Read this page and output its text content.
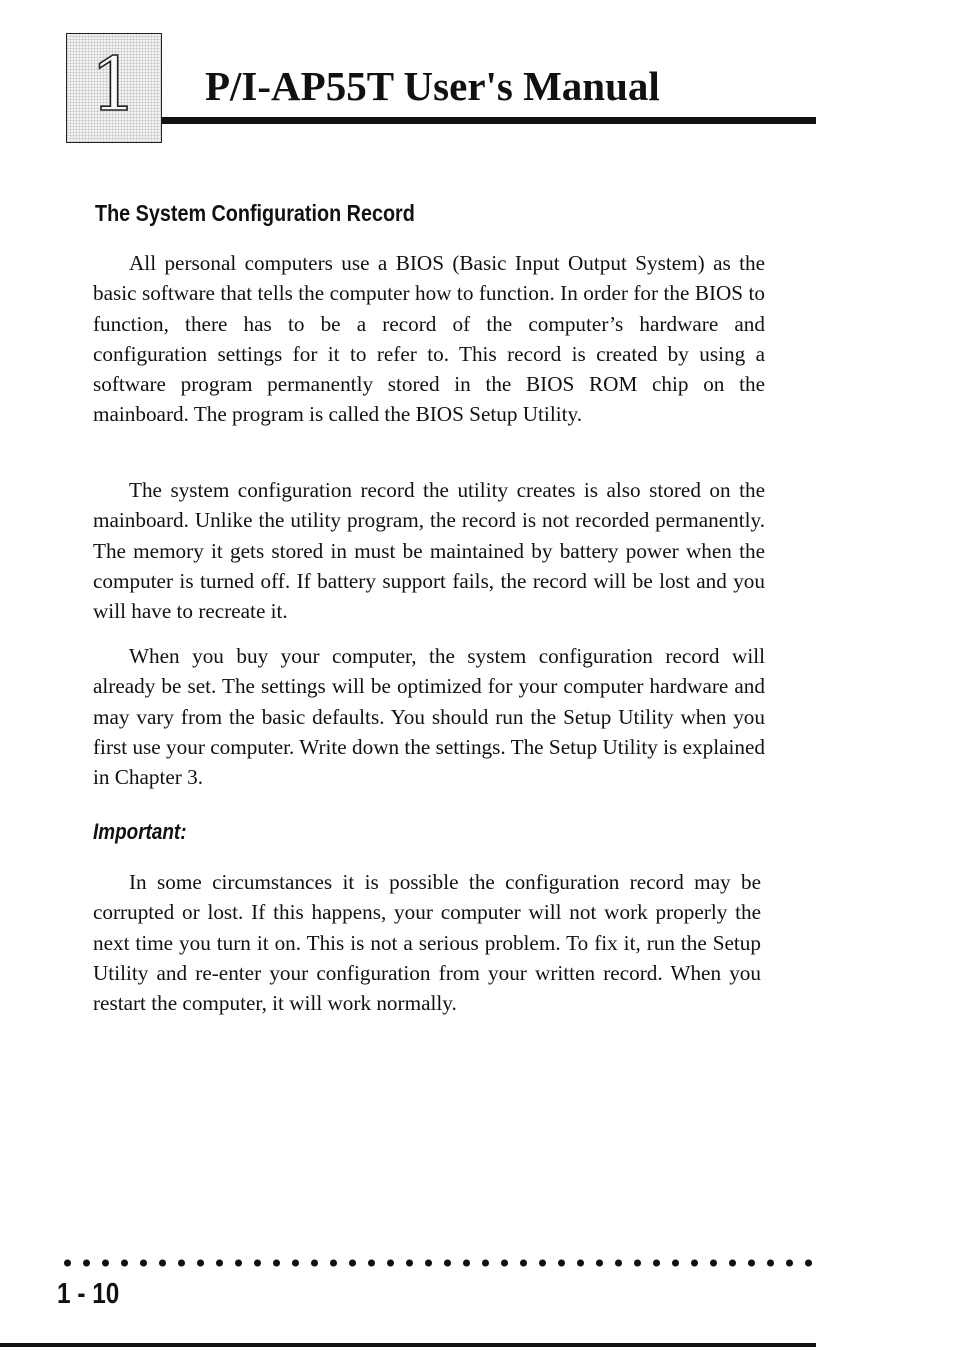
1	P/I-AP55T User's Manual
The System Configuration Record

All personal computers use a BIOS (Basic Input Output System) as the basic software that tells the computer how to function. In order for the BIOS to function, there has to be a record of the computer’s hardware and configuration settings for it to refer to. This record is created by using a software program permanently stored in the BIOS ROM chip on the mainboard. The program is called the BIOS Setup Utility.

The system configuration record the utility creates is also stored on the mainboard. Unlike the utility program, the record is not recorded permanently. The memory it gets stored in must be maintained by battery power when the computer is turned off. If battery support fails, the record will be lost and you will have to recreate it.

When you buy your computer, the system configuration record will already be set. The settings will be optimized for your computer hardware and may vary from the basic defaults. You should run the Setup Utility when you first use your computer. Write down the settings. The Setup Utility is explained in Chapter 3.

Important:

In some circumstances it is possible the configuration record may be corrupted or lost. If this happens, your computer will not work properly the next time you turn it on. This is not a serious problem. To fix it, run the Setup Utility and re-enter your configuration from your written record. When you restart the computer, it will work normally.

1 - 10
